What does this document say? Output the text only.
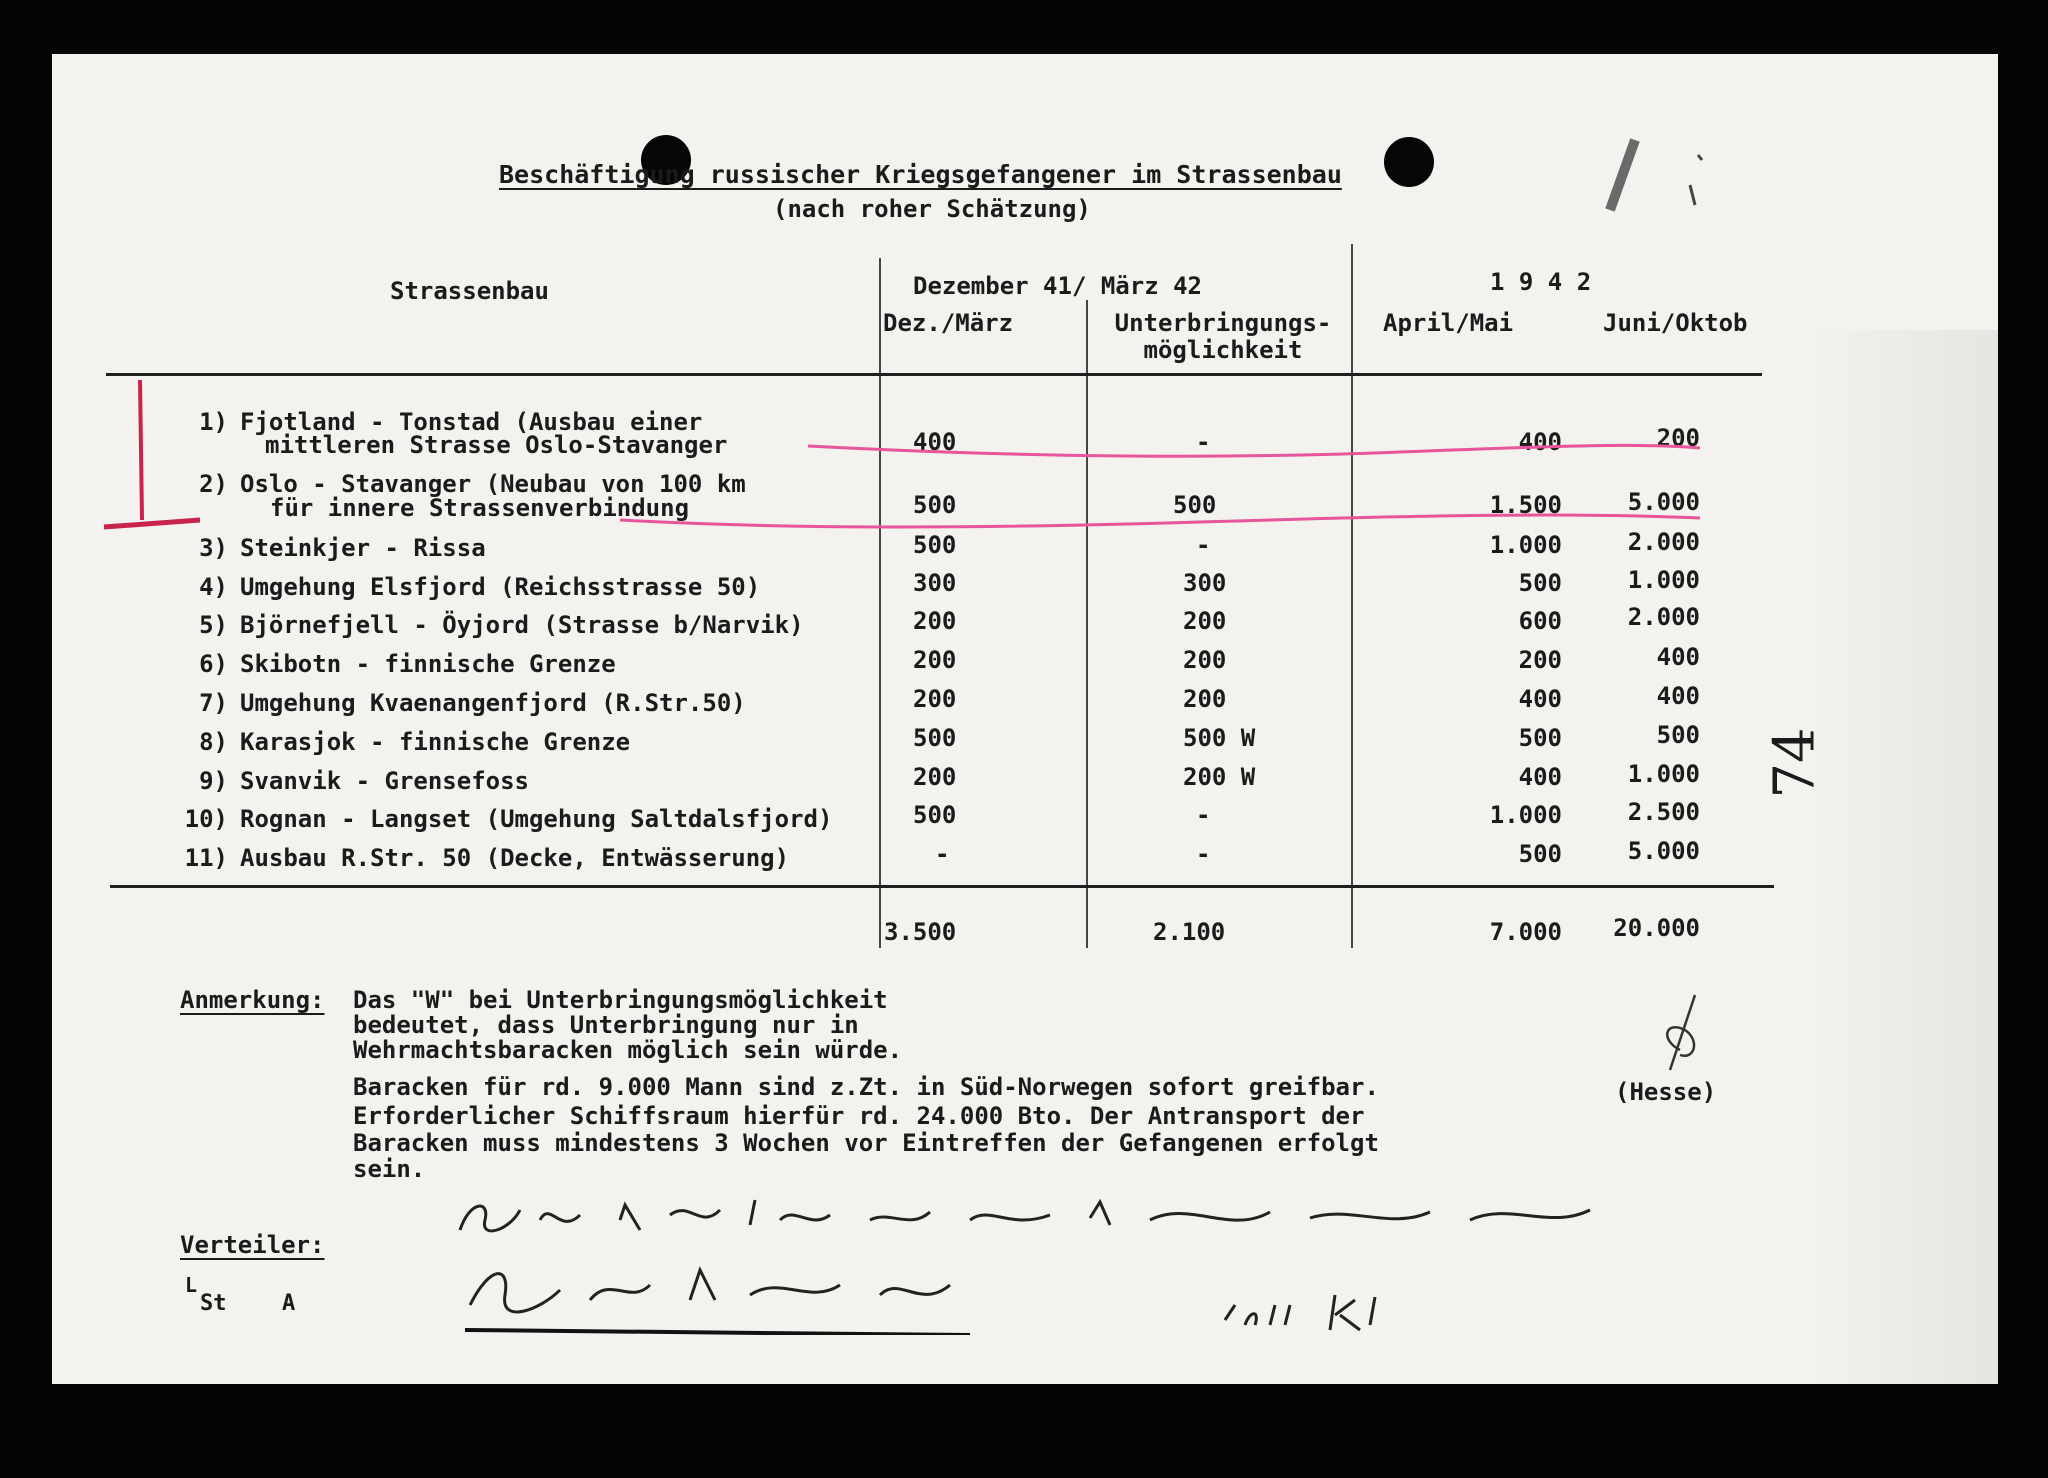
Beschäftigung russischer Kriegsgefangener im Strassenbau
(nach roher Schätzung)
Strassenbau	Dezember 41/ März 42	1 9 4 2
Dez./März	Unterbringungs-
möglichkeit
April/Mai	Juni/Oktob
1) Fjotland - Tonstad (Ausbau einer
mittleren Strasse Oslo-Stavanger	400	-	400	200
2) Oslo - Stavanger (Neubau von 100 km
für innere Strassenverbindung	500	500	1.500	5.000
3) Steinkjer - Rissa	500	-	1.000	2.000
4) Umgehung Elsfjord (Reichsstrasse 50)	300	300	500	1.000
5) Björnefjell - Öyjord (Strasse b/Narvik)	200	200	600	2.000
6) Skibotn - finnische Grenze	200	200	200	400
7) Umgehung Kvaenangenfjord (R.Str.50)	200	200	400	400
8) Karasjok - finnische Grenze	500	500 W	500	500
9) Svanvik - Grensefoss	200	200 W	400	1.000
10) Rognan - Langset (Umgehung Saltdalsfjord)	500	-	1.000	2.500
11) Ausbau R.Str. 50 (Decke, Entwässerung)	-	-	500	5.000
3.500	2.100	7.000	20.000
Anmerkung: Das "W" bei Unterbringungsmöglichkeit
bedeutet, dass Unterbringung nur in
Wehrmachtsbaracken möglich sein würde.
Baracken für rd. 9.000 Mann sind z.Zt. in Süd-Norwegen sofort greifbar.
Erforderlicher Schiffsraum hierfür rd. 24.000 Bto. Der Antransport der
Baracken muss mindestens 3 Wochen vor Eintreffen der Gefangenen erfolgt
sein.
(Hesse)
Verteiler:
L
St	A
74
